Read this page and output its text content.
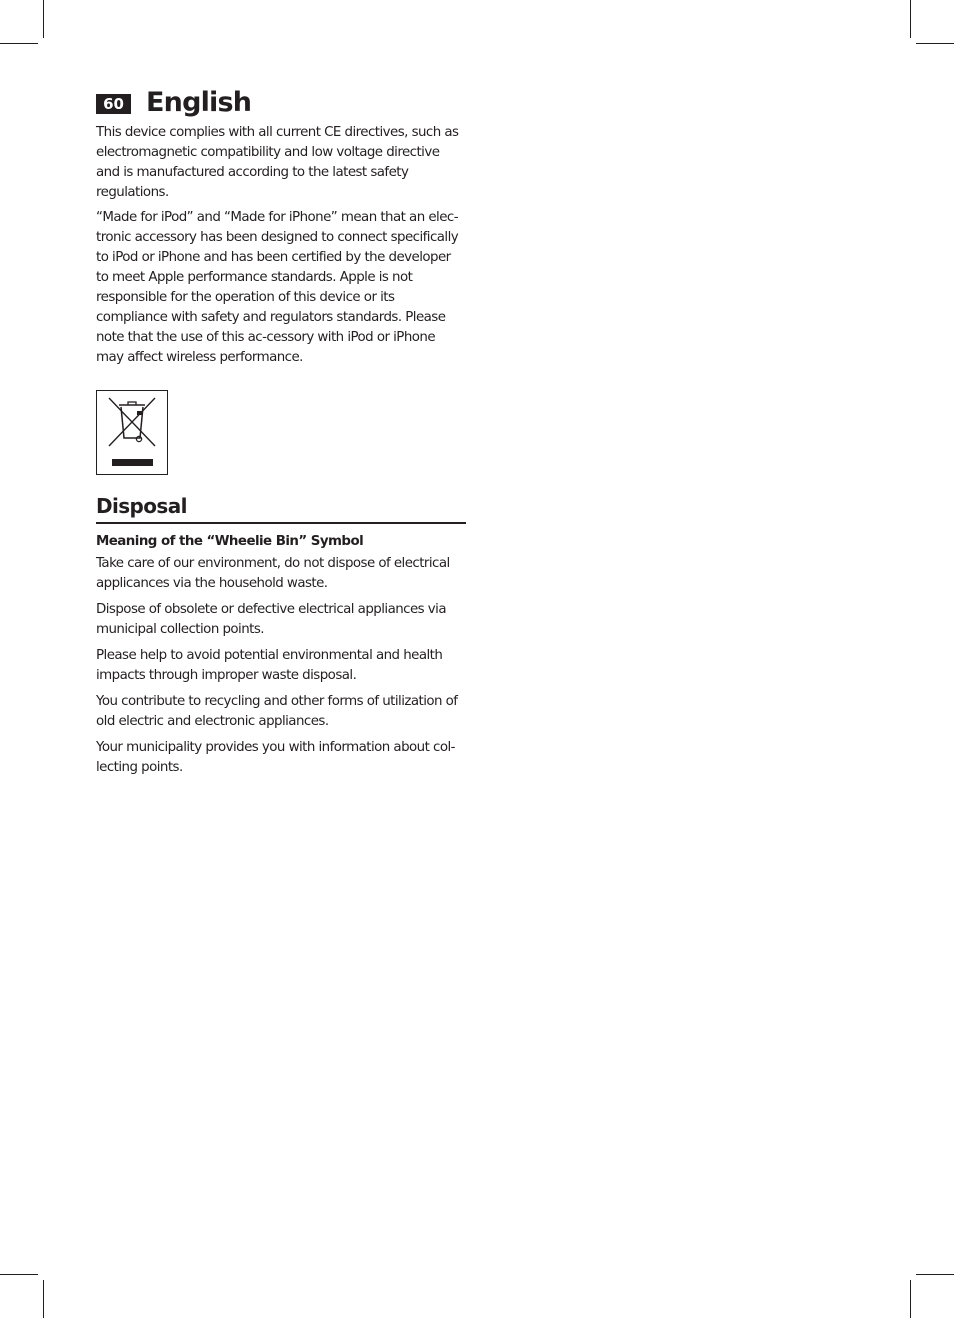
60 English

This device complies with all current CE directives, such as electromagnetic compatibility and low voltage directive and is manufactured according to the latest safety regulations.

“Made for iPod” and “Made for iPhone” mean that an elec-tronic accessory has been designed to connect specifically to iPod or iPhone and has been certified by the developer to meet Apple performance standards. Apple is not responsible for the operation of this device or its compliance with safety and regulators standards. Please note that the use of this ac-cessory with iPod or iPhone may affect wireless performance.

Disposal
Meaning of the “Wheelie Bin” Symbol

Take care of our environment, do not dispose of electrical applicances via the household waste.

Dispose of obsolete or defective electrical appliances via municipal collection points.

Please help to avoid potential environmental and health impacts through improper waste disposal.

You contribute to recycling and other forms of utilization of old electric and electronic appliances.

Your municipality provides you with information about col-lecting points.
